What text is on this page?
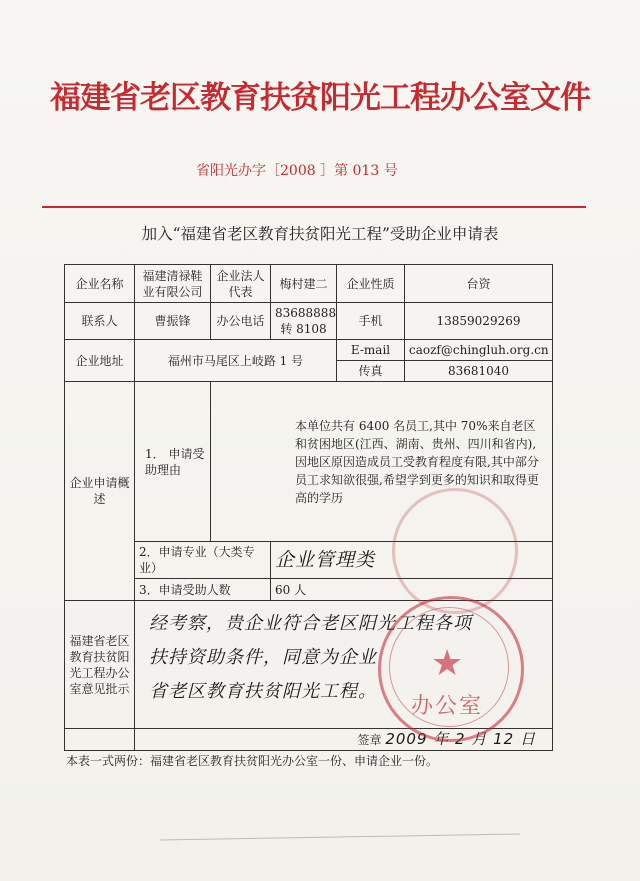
福建省老区教育扶贫阳光工程办公室文件
省阳光办字［2008 ］第 013 号
加入“福建省老区教育扶贫阳光工程”受助企业申请表
企业名称	福建清禄鞋业有限公司	企业法人代表	梅村建二	企业性质	台资
联系人	曹振锋	办公电话	83688888 转 8108	手机	13859029269
企业地址	福州市马尾区上岐路 1 号			E-mail	caozf@chingluh.org.cn
				传真	83681040
企业申请概述	1． 申请受助理由	本单位共有 6400 名员工,其中 70%来自老区和贫困地区(江西、湖南、贵州、四川和省内),因地区原因造成员工受教育程度有限,其中部分员工求知欲很强,希望学到更多的知识和取得更高的学历			
	2．申请专业（大类专业）		企业管理类		
	3．申请受助人数		60 人		
福建省老区教育扶贫阳光工程办公室意见批示	经考察，贵企业符合老区阳光工程各项
扶持资助条件，同意为企业
省老区教育扶贫阳光工程。				

	签章 2009 年 2 月 12 日				
★
办公室
本表一式两份：福建省老区教育扶贫阳光办公室一份、申请企业一份。
